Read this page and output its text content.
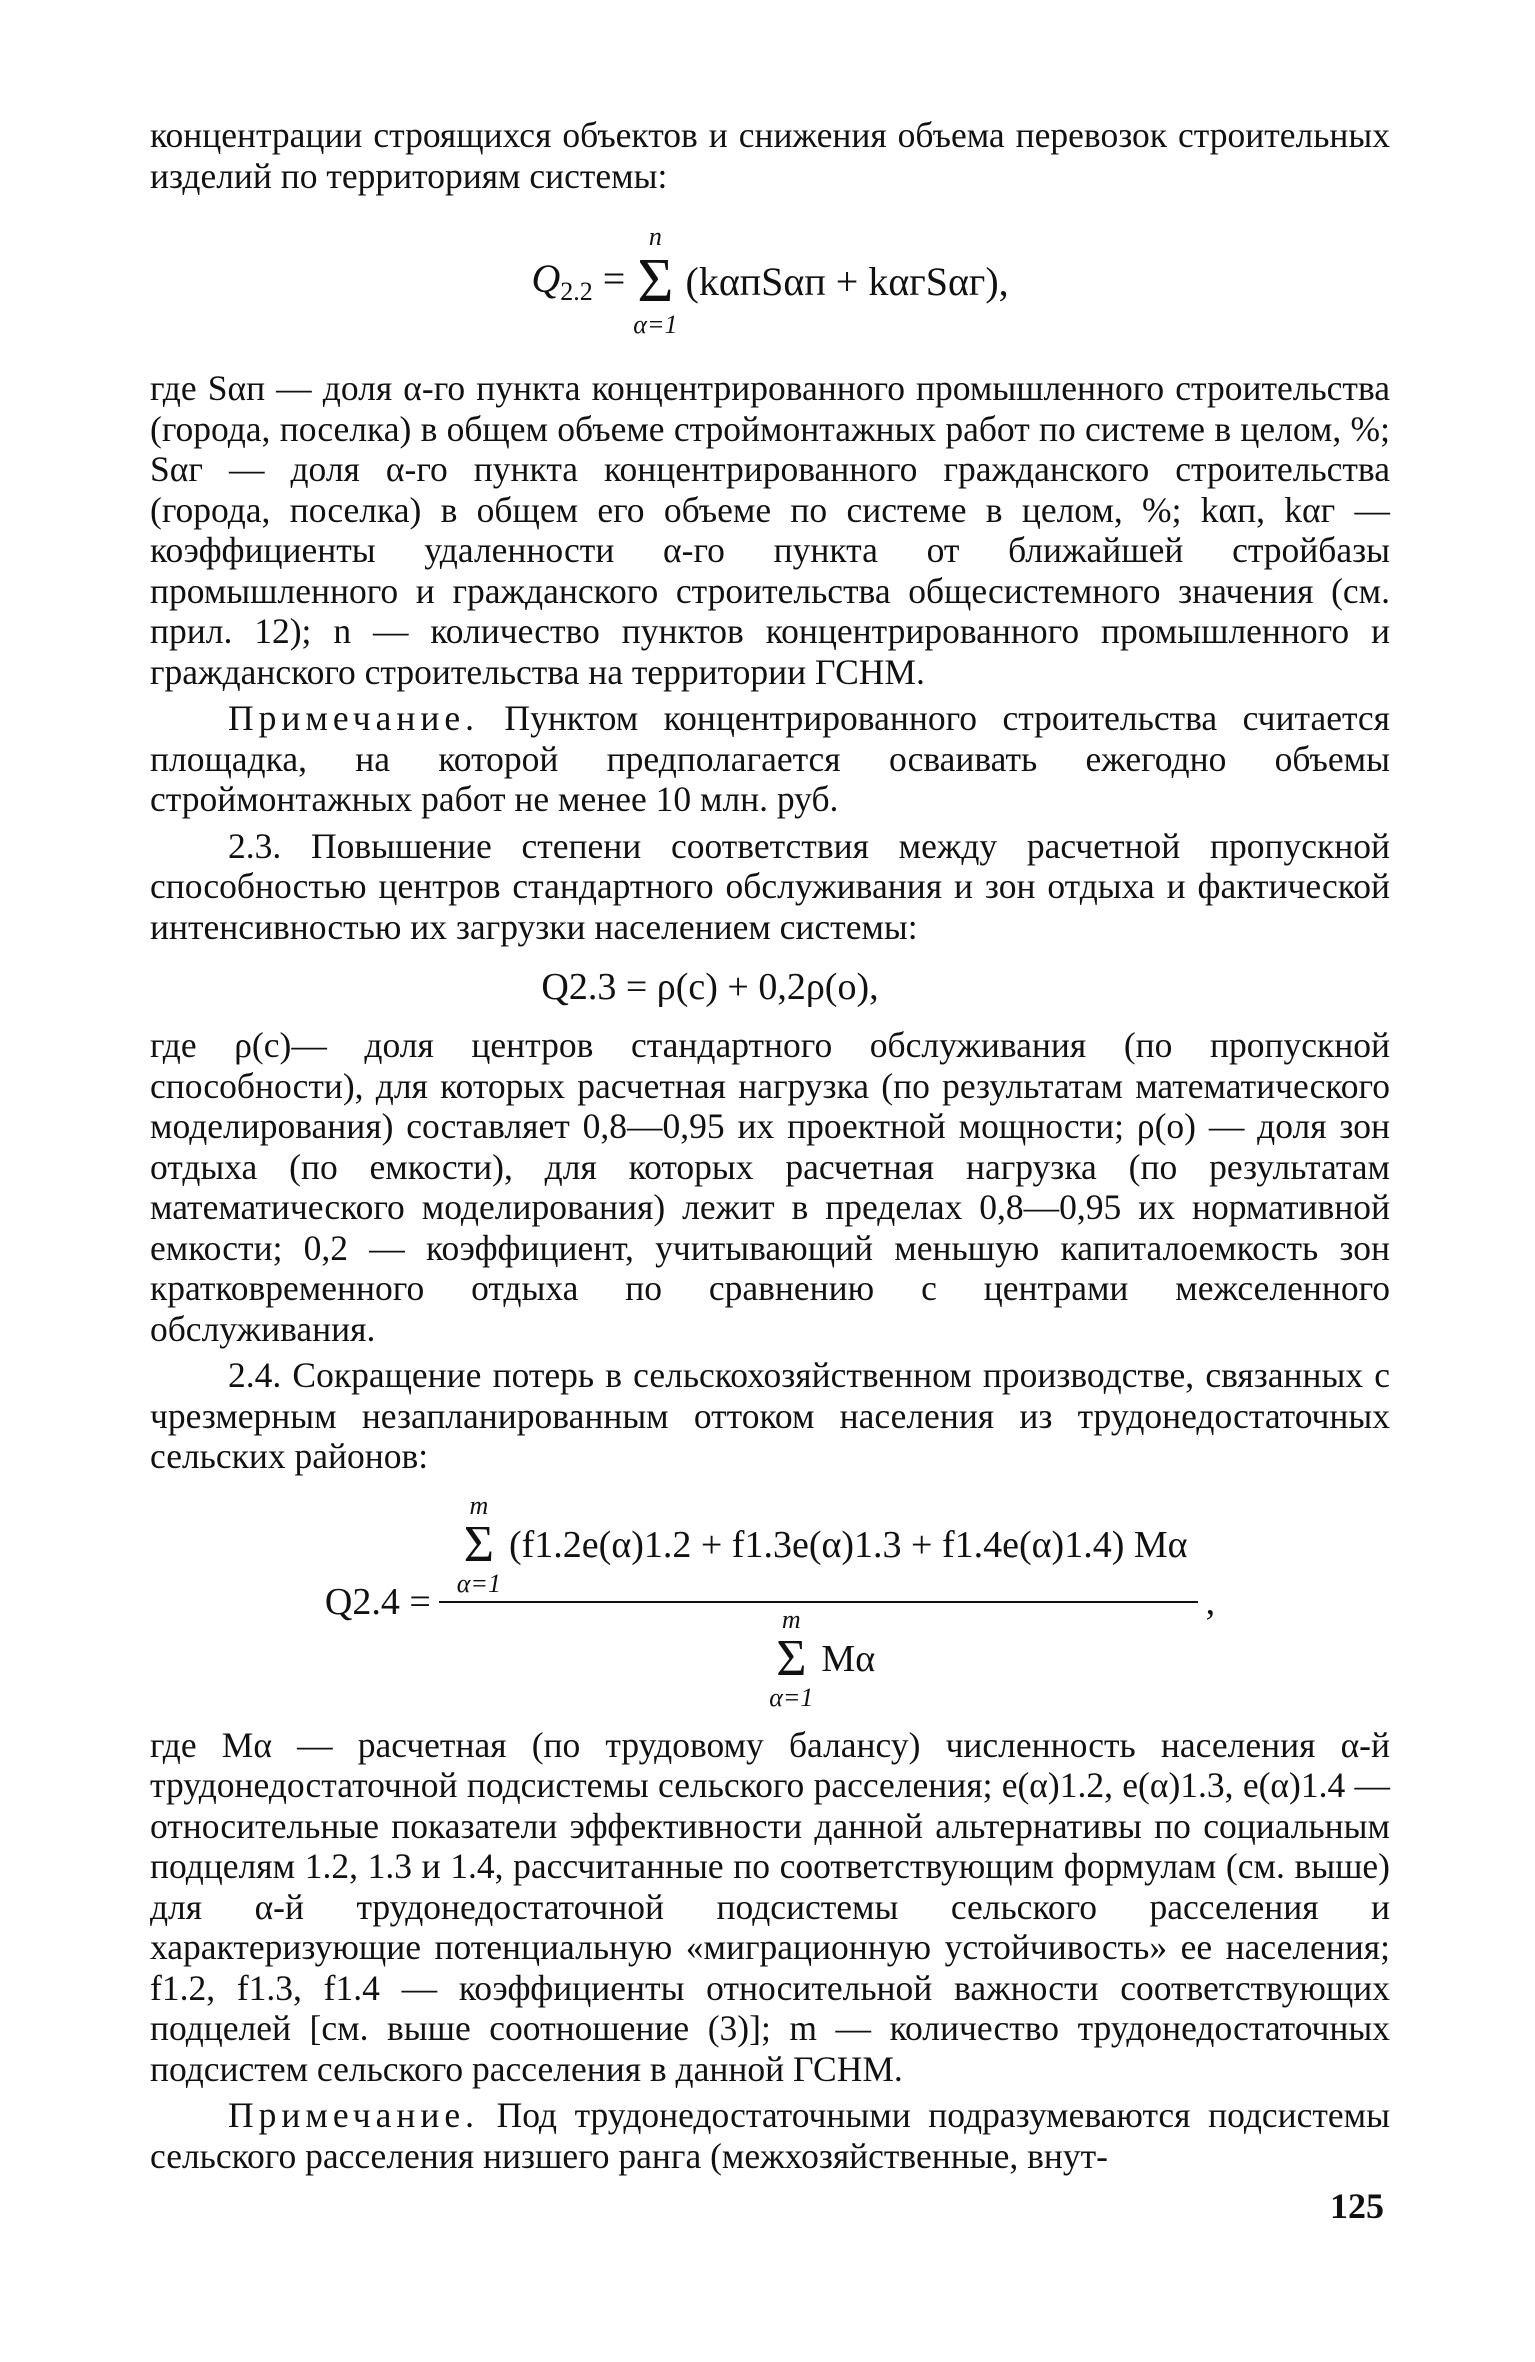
концентрации строящихся объектов и снижения объема перевозок строительных изделий по территориям системы:

$Q_{2.2}$ =
n
Σ
α=1
(kαпSαп + kαгSαг),

где Sαп — доля α-го пункта концентрированного промышленного строительства (города, поселка) в общем объеме строймонтажных работ по системе в целом, %; Sαг — доля α-го пункта концентрированного гражданского строительства (города, поселка) в общем его объеме по системе в целом, %; kαп, kαг — коэффициенты удаленности α-го пункта от ближайшей стройбазы промышленного и гражданского строительства общесистемного значения (см. прил. 12); n — количество пунктов концентрированного промышленного и гражданского строительства на территории ГСНМ.

Примечание. Пунктом концентрированного строительства считается площадка, на которой предполагается осваивать ежегодно объемы строймонтажных работ не менее 10 млн. руб.

2.3. Повышение степени соответствия между расчетной пропускной способностью центров стандартного обслуживания и зон отдыха и фактической интенсивностью их загрузки населением системы:

Q2.3 = ρ(с) + 0,2ρ(о),

где ρ(с)— доля центров стандартного обслуживания (по пропускной способности), для которых расчетная нагрузка (по результатам математического моделирования) составляет 0,8—0,95 их проектной мощности; ρ(о) — доля зон отдыха (по емкости), для которых расчетная нагрузка (по результатам математического моделирования) лежит в пределах 0,8—0,95 их нормативной емкости; 0,2 — коэффициент, учитывающий меньшую капиталоемкость зон кратковременного отдыха по сравнению с центрами межселенного обслуживания.

2.4. Сокращение потерь в сельскохозяйственном производстве, связанных с чрезмерным незапланированным оттоком населения из трудонедостаточных сельских районов:

Q2.4 =
m
Σ
α=1
(f1.2e(α)1.2 + f1.3e(α)1.3 + f1.4e(α)1.4) Mα
m
Σ
α=1
Mα
,

где Mα — расчетная (по трудовому балансу) численность населения α-й трудонедостаточной подсистемы сельского расселения; e(α)1.2, e(α)1.3, e(α)1.4 — относительные показатели эффективности данной альтернативы по социальным подцелям 1.2, 1.3 и 1.4, рассчитанные по соответствующим формулам (см. выше) для α-й трудонедостаточной подсистемы сельского расселения и характеризующие потенциальную «миграционную устойчивость» ее населения; f1.2, f1.3, f1.4 — коэффициенты относительной важности соответствующих подцелей [см. выше соотношение (3)]; m — количество трудонедостаточных подсистем сельского расселения в данной ГСНМ.

Примечание. Под трудонедостаточными подразумеваются подсистемы сельского расселения низшего ранга (межхозяйственные, внут-

125
